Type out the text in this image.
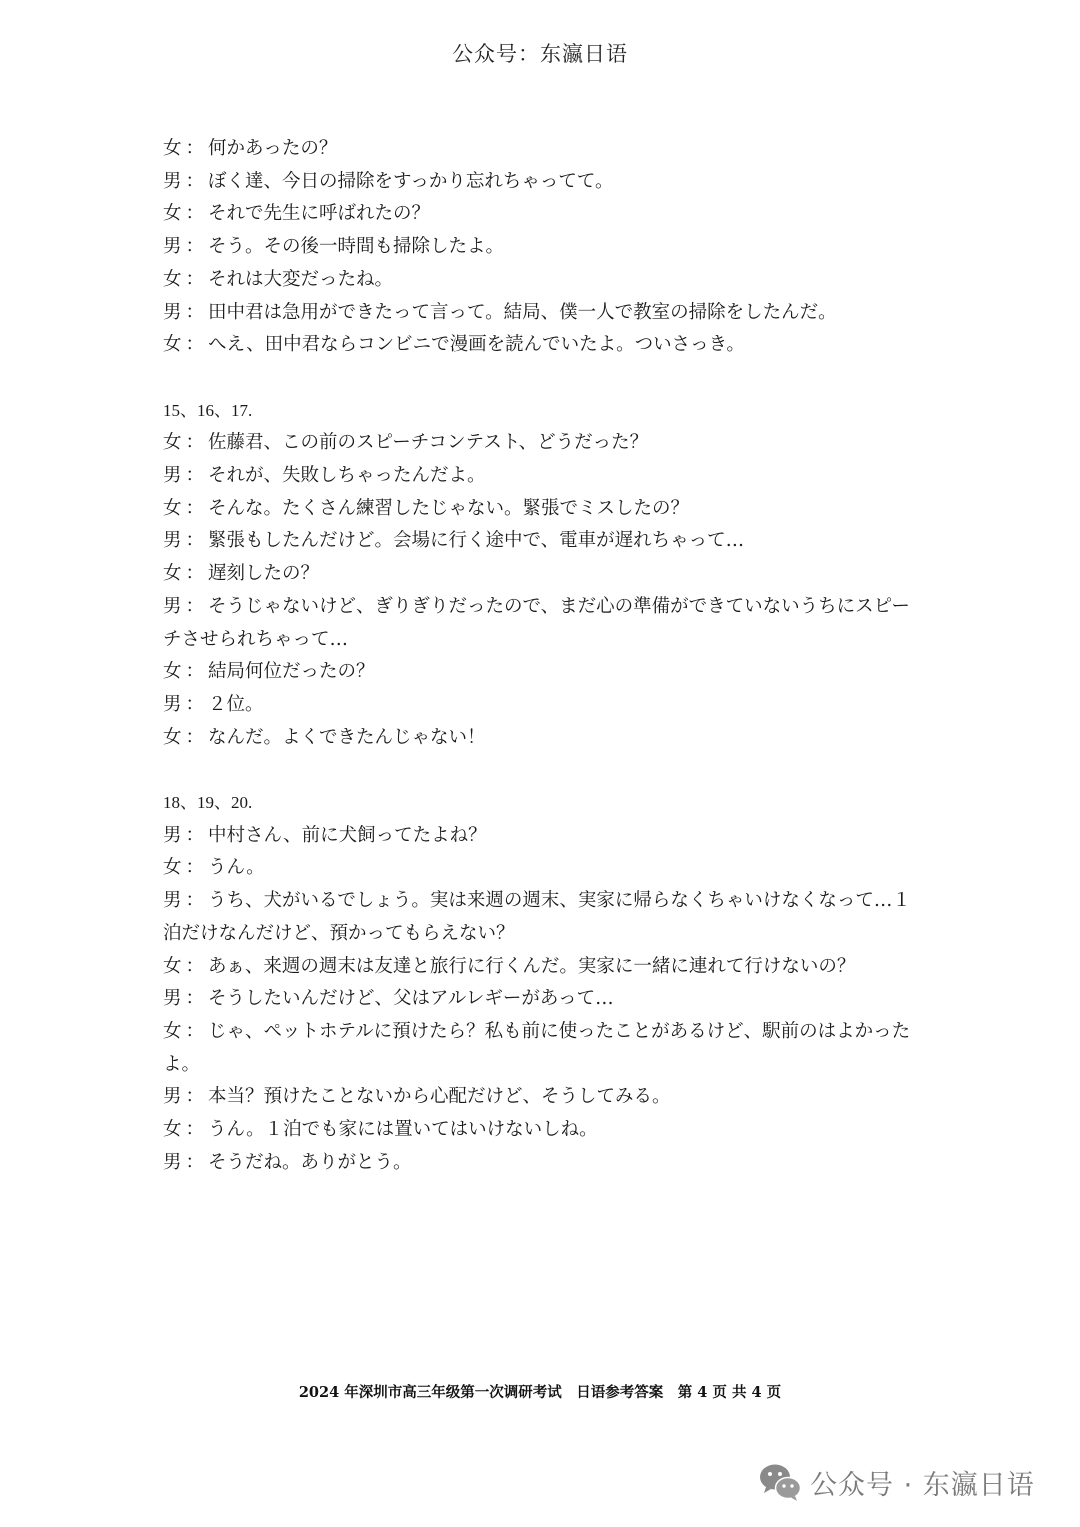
公众号：东瀛日语
女 ： 何かあったの？
男 ： ぼく達、今日の掃除をすっかり忘れちゃってて。
女 ： それで先生に呼ばれたの？
男 ： そう。その後一時間も掃除したよ。
女 ： それは大変だったね。
男 ： 田中君は急用ができたって言って。結局、僕一人で教室の掃除をしたんだ。
女 ： へえ、田中君ならコンビニで漫画を読んでいたよ。ついさっき。
15、16、17.
女 ： 佐藤君、この前のスピーチコンテスト、どうだった？
男 ： それが、失敗しちゃったんだよ。
女 ： そんな。たくさん練習したじゃない。緊張でミスしたの？
男 ： 緊張もしたんだけど。会場に行く途中で、電車が遅れちゃって…
女 ： 遅刻したの？
男 ： そうじゃないけど、ぎりぎりだったので、まだ心の準備ができていないうちにスピーチさせられちゃって…
女 ： 結局何位だったの？
男 ： ２位。
女 ： なんだ。よくできたんじゃない！
18、19、20.
男 ： 中村さん、前に犬飼ってたよね？
女 ： うん。
男 ： うち、犬がいるでしょう。実は来週の週末、実家に帰らなくちゃいけなくなって…１泊だけなんだけど、預かってもらえない？
女 ： あぁ、来週の週末は友達と旅行に行くんだ。実家に一緒に連れて行けないの？
男 ： そうしたいんだけど、父はアルレギーがあって…
女 ： じゃ、ペットホテルに預けたら？私も前に使ったことがあるけど、駅前のはよかったよ。
男 ： 本当？預けたことないから心配だけど、そうしてみる。
女 ： うん。１泊でも家には置いてはいけないしね。
男 ： そうだね。ありがとう。
2024 年深圳市高三年级第一次调研考试　日语参考答案　第 4 页 共 4 页
公众号 · 东瀛日语
